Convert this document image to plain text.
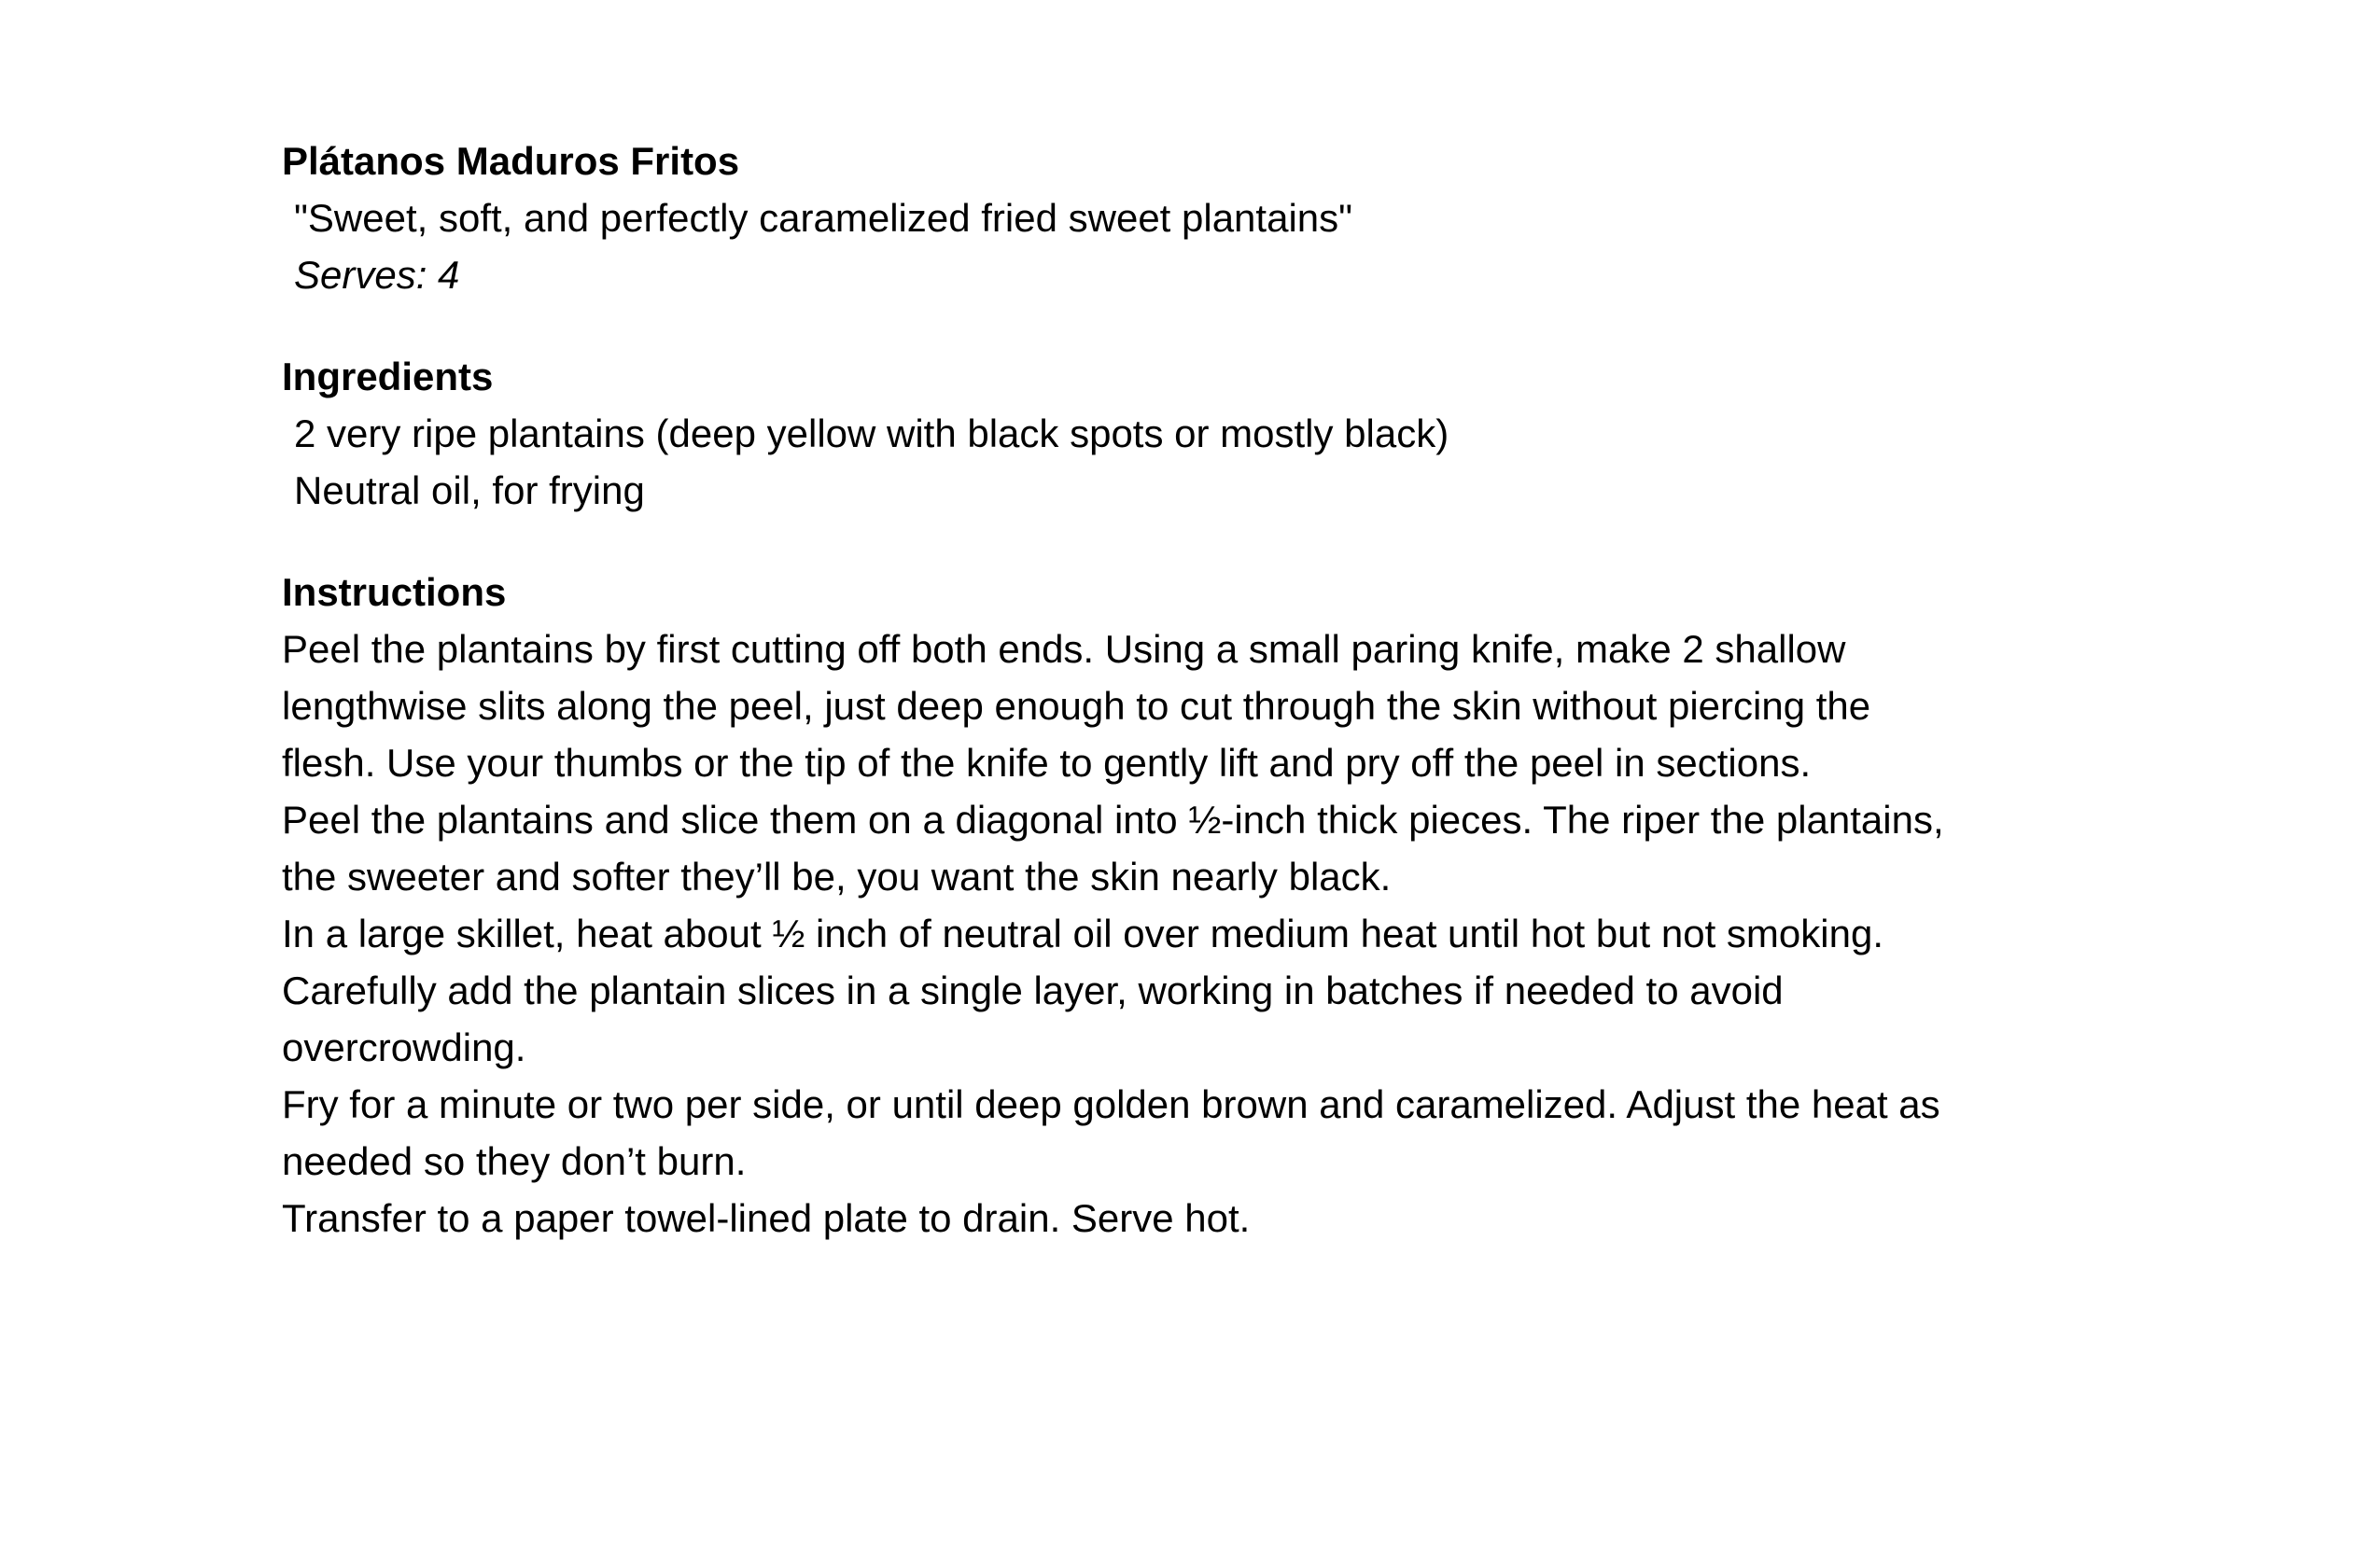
Plátanos Maduros Fritos

"Sweet, soft, and perfectly caramelized fried sweet plantains"

Serves: 4

Ingredients

2 very ripe plantains (deep yellow with black spots or mostly black)

Neutral oil, for frying

Instructions

Peel the plantains by first cutting off both ends. Using a small paring knife, make 2 shallow
lengthwise slits along the peel, just deep enough to cut through the skin without piercing the
flesh. Use your thumbs or the tip of the knife to gently lift and pry off the peel in sections.
Peel the plantains and slice them on a diagonal into ½-inch thick pieces. The riper the plantains,
the sweeter and softer they’ll be, you want the skin nearly black.
In a large skillet, heat about ½ inch of neutral oil over medium heat until hot but not smoking.
Carefully add the plantain slices in a single layer, working in batches if needed to avoid
overcrowding.
Fry for a minute or two per side, or until deep golden brown and caramelized. Adjust the heat as
needed so they don’t burn.
Transfer to a paper towel-lined plate to drain. Serve hot.
